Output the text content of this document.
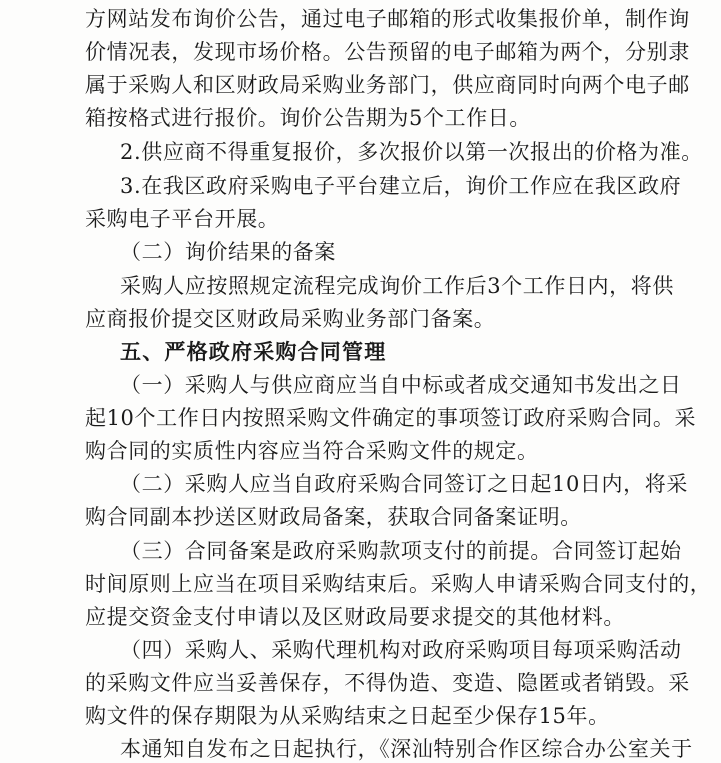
方网站发布询价公告，通过电子邮箱的形式收集报价单，制作询
价情况表，发现市场价格。公告预留的电子邮箱为两个，分别隶
属于采购人和区财政局采购业务部门，供应商同时向两个电子邮
箱按格式进行报价。询价公告期为5个工作日。
2.供应商不得重复报价，多次报价以第一次报出的价格为准。
3.在我区政府采购电子平台建立后，询价工作应在我区政府
采购电子平台开展。
（二）询价结果的备案
采购人应按照规定流程完成询价工作后3个工作日内，将供
应商报价提交区财政局采购业务部门备案。
五、严格政府采购合同管理
（一）采购人与供应商应当自中标或者成交通知书发出之日
起10个工作日内按照采购文件确定的事项签订政府采购合同。采
购合同的实质性内容应当符合采购文件的规定。
（二）采购人应当自政府采购合同签订之日起10日内，将采
购合同副本抄送区财政局备案，获取合同备案证明。
（三）合同备案是政府采购款项支付的前提。合同签订起始
时间原则上应当在项目采购结束后。采购人申请采购合同支付的，
应提交资金支付申请以及区财政局要求提交的其他材料。
（四）采购人、采购代理机构对政府采购项目每项采购活动
的采购文件应当妥善保存，不得伪造、变造、隐匿或者销毁。采
购文件的保存期限为从采购结束之日起至少保存15年。
本通知自发布之日起执行，《深汕特别合作区综合办公室关于
